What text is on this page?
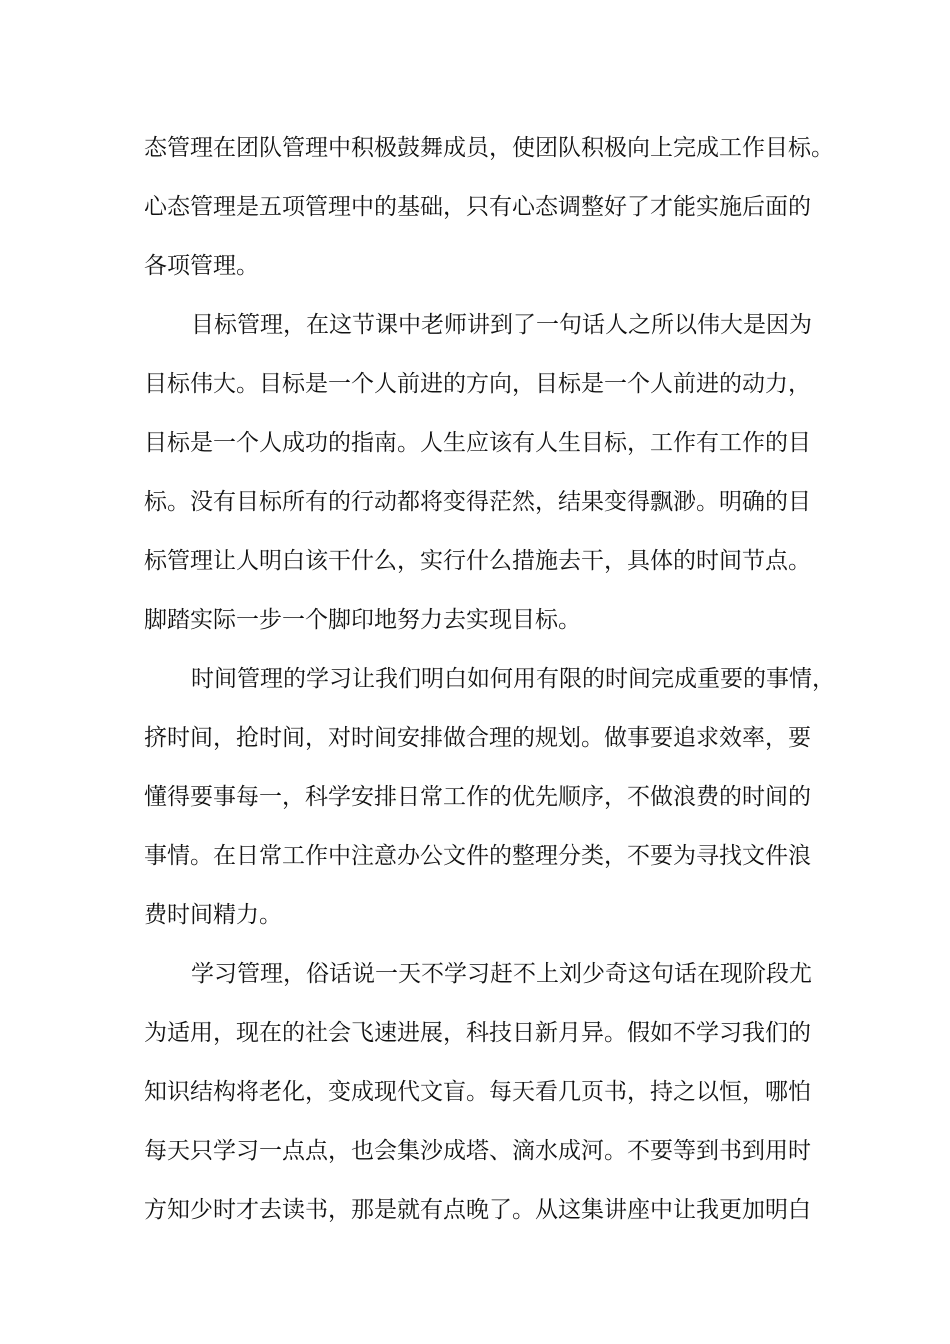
态管理在团队管理中积极鼓舞成员，使团队积极向上完成工作目标。
心态管理是五项管理中的基础，只有心态调整好了才能实施后面的
各项管理。
目标管理，在这节课中老师讲到了一句话人之所以伟大是因为
目标伟大。目标是一个人前进的方向，目标是一个人前进的动力，
目标是一个人成功的指南。人生应该有人生目标，工作有工作的目
标。没有目标所有的行动都将变得茫然，结果变得飘渺。明确的目
标管理让人明白该干什么，实行什么措施去干，具体的时间节点。
脚踏实际一步一个脚印地努力去实现目标。
时间管理的学习让我们明白如何用有限的时间完成重要的事情，
挤时间，抢时间，对时间安排做合理的规划。做事要追求效率，要
懂得要事每一，科学安排日常工作的优先顺序，不做浪费的时间的
事情。在日常工作中注意办公文件的整理分类，不要为寻找文件浪
费时间精力。
学习管理，俗话说一天不学习赶不上刘少奇这句话在现阶段尤
为适用，现在的社会飞速进展，科技日新月异。假如不学习我们的
知识结构将老化，变成现代文盲。每天看几页书，持之以恒，哪怕
每天只学习一点点，也会集沙成塔、滴水成河。不要等到书到用时
方知少时才去读书，那是就有点晚了。从这集讲座中让我更加明白
